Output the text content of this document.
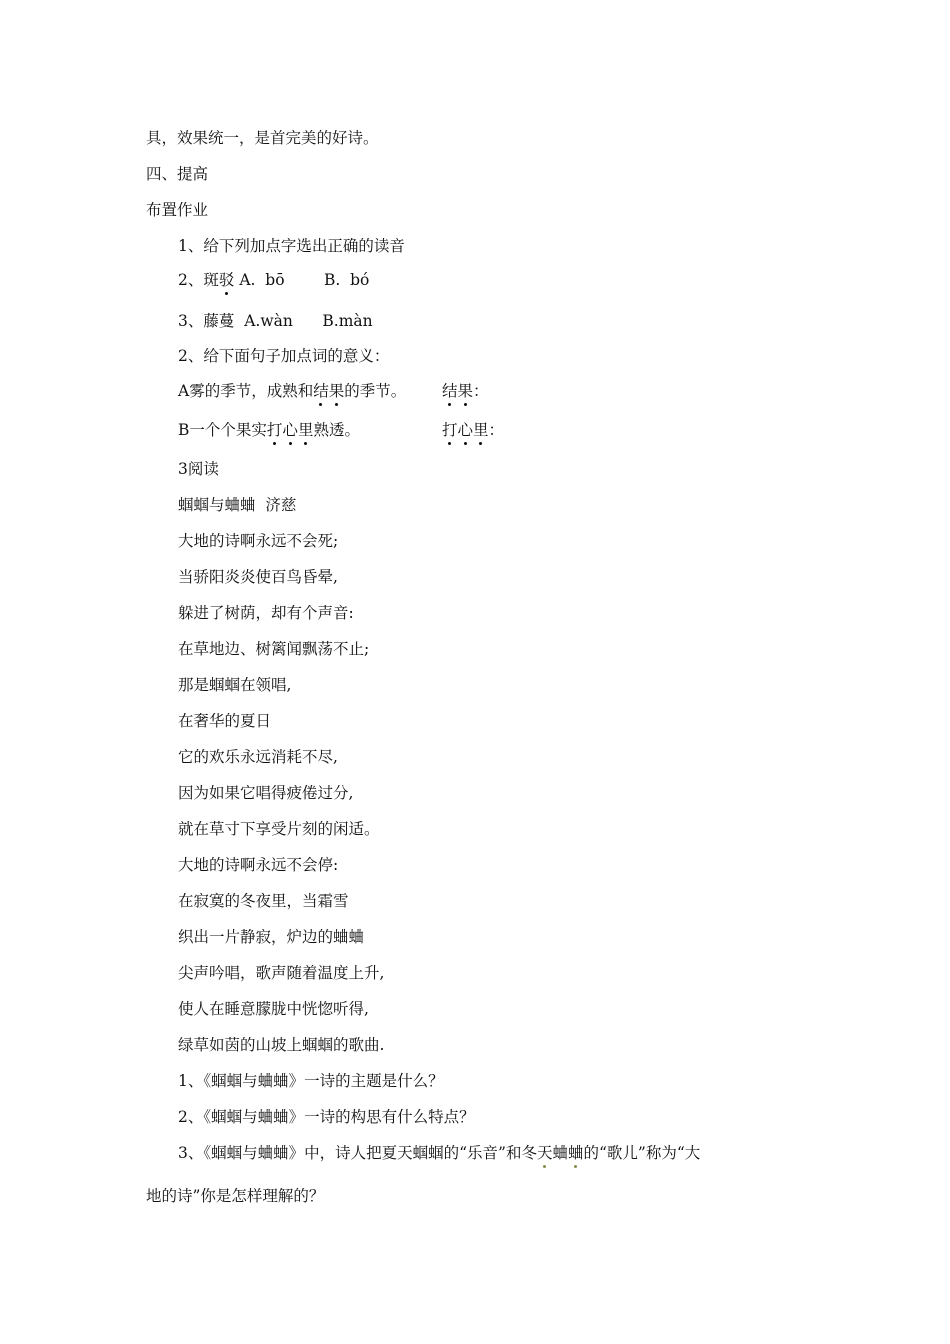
具，效果统一，是首完美的好诗。
四、提高
布置作业
1、给下列加点字选出正确的读音
2、斑驳 A.  bō        B.  bó
3、藤蔓  A.wàn      B.màn
2、给下面句子加点词的意义：
A雾的季节，成熟和结果的季节。 结果：
B一个个果实打心里熟透。	打心里：
3阅读
蝈蝈与蛐蛐  济慈
大地的诗啊永远不会死;
当骄阳炎炎使百鸟昏晕,
躲进了树荫，却有个声音:
在草地边、树篱闻飘荡不止;
那是蝈蝈在领唱,
在奢华的夏日
它的欢乐永远消耗不尽,
因为如果它唱得疲倦过分,
就在草寸下享受片刻的闲适。
大地的诗啊永远不会停:
在寂寞的冬夜里，当霜雪
织出一片静寂，炉边的蛐蛐
尖声吟唱，歌声随着温度上升,
使人在睡意朦胧中恍惚听得,
绿草如茵的山坡上蝈蝈的歌曲.
1、《蝈蝈与蛐蛐》一诗的主题是什么？
2、《蝈蝈与蛐蛐》一诗的构思有什么特点？
3、《蝈蝈与蛐蛐》中，诗人把夏天蝈蝈的“乐音”和冬天蛐蛐的“歌儿”称为“大
地的诗”你是怎样理解的？
